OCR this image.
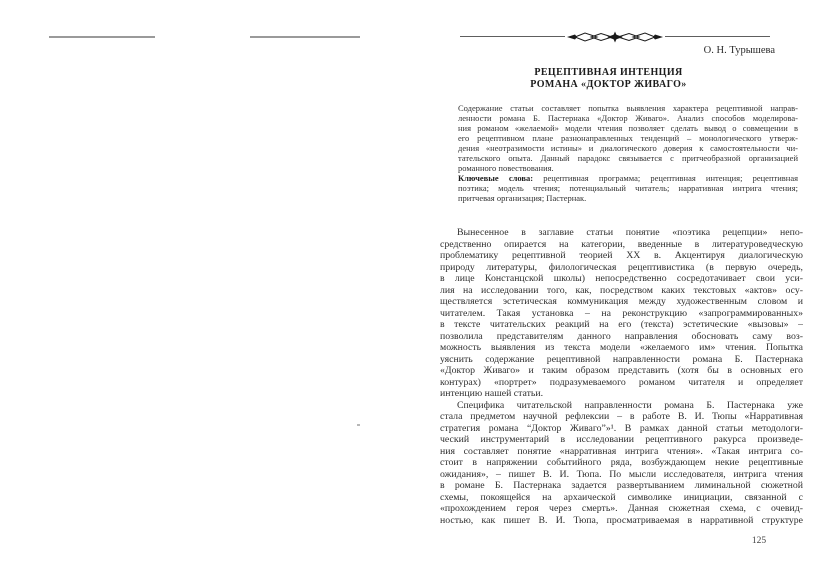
О. Н. Турышева
РЕЦЕПТИВНАЯ ИНТЕНЦИЯ
РОМАНА «ДОКТОР ЖИВАГО»
Содержание статьи составляет попытка выявления характера рецептивной направ-
ленности романа Б. Пастернака «Доктор Живаго». Анализ способов моделирова-
ния романом «желаемой» модели чтения позволяет сделать вывод о совмещении в
его рецептивном плане разнонаправленных тенденций – монологического утверж-
дения «неотразимости истины» и диалогического доверия к самостоятельности чи-
тательского опыта. Данный парадокс связывается с притчеобразной организацией
романного повествования.
Ключевые слова: рецептивная программа; рецептивная интенция; рецептивная
поэтика; модель чтения; потенциальный читатель; нарративная интрига чтения;
притчевая организация; Пастернак.
Вынесенное в заглавие статьи понятие «поэтика рецепции» непо-
средственно опирается на категории, введенные в литературоведческую
проблематику рецептивной теорией XX в. Акцентируя диалогическую
природу литературы, филологическая рецептивистика (в первую очередь,
в лице Констанцской школы) непосредственно сосредотачивает свои уси-
лия на исследовании того, как, посредством каких текстовых «актов» осу-
ществляется эстетическая коммуникация между художественным словом и
читателем. Такая установка – на реконструкцию «запрограммированных»
в тексте читательских реакций на его (текста) эстетические «вызовы» –
позволила представителям данного направления обосновать саму воз-
можность выявления из текста модели «желаемого им» чтения. Попытка
уяснить содержание рецептивной направленности романа Б. Пастернака
«Доктор Живаго» и таким образом представить (хотя бы в основных его
контурах) «портрет» подразумеваемого романом читателя и определяет
интенцию нашей статьи.
Специфика читательской направленности романа Б. Пастернака уже
стала предметом научной рефлексии – в работе В. И. Тюпы «Нарративная
стратегия романа “Доктор Живаго”»¹. В рамках данной статьи методологи-
ческий инструментарий в исследовании рецептивного ракурса произведе-
ния составляет понятие «нарративная интрига чтения». «Такая интрига со-
стоит в напряжении событийного ряда, возбуждающем некие рецептивные
ожидания», – пишет В. И. Тюпа. По мысли исследователя, интрига чтения
в романе Б. Пастернака задается развертыванием лиминальной сюжетной
схемы, покоящейся на архаической символике инициации, связанной с
«прохождением героя через смерть». Данная сюжетная схема, с очевид-
ностью, как пишет В. И. Тюпа, просматриваемая в нарративной структуре
125
